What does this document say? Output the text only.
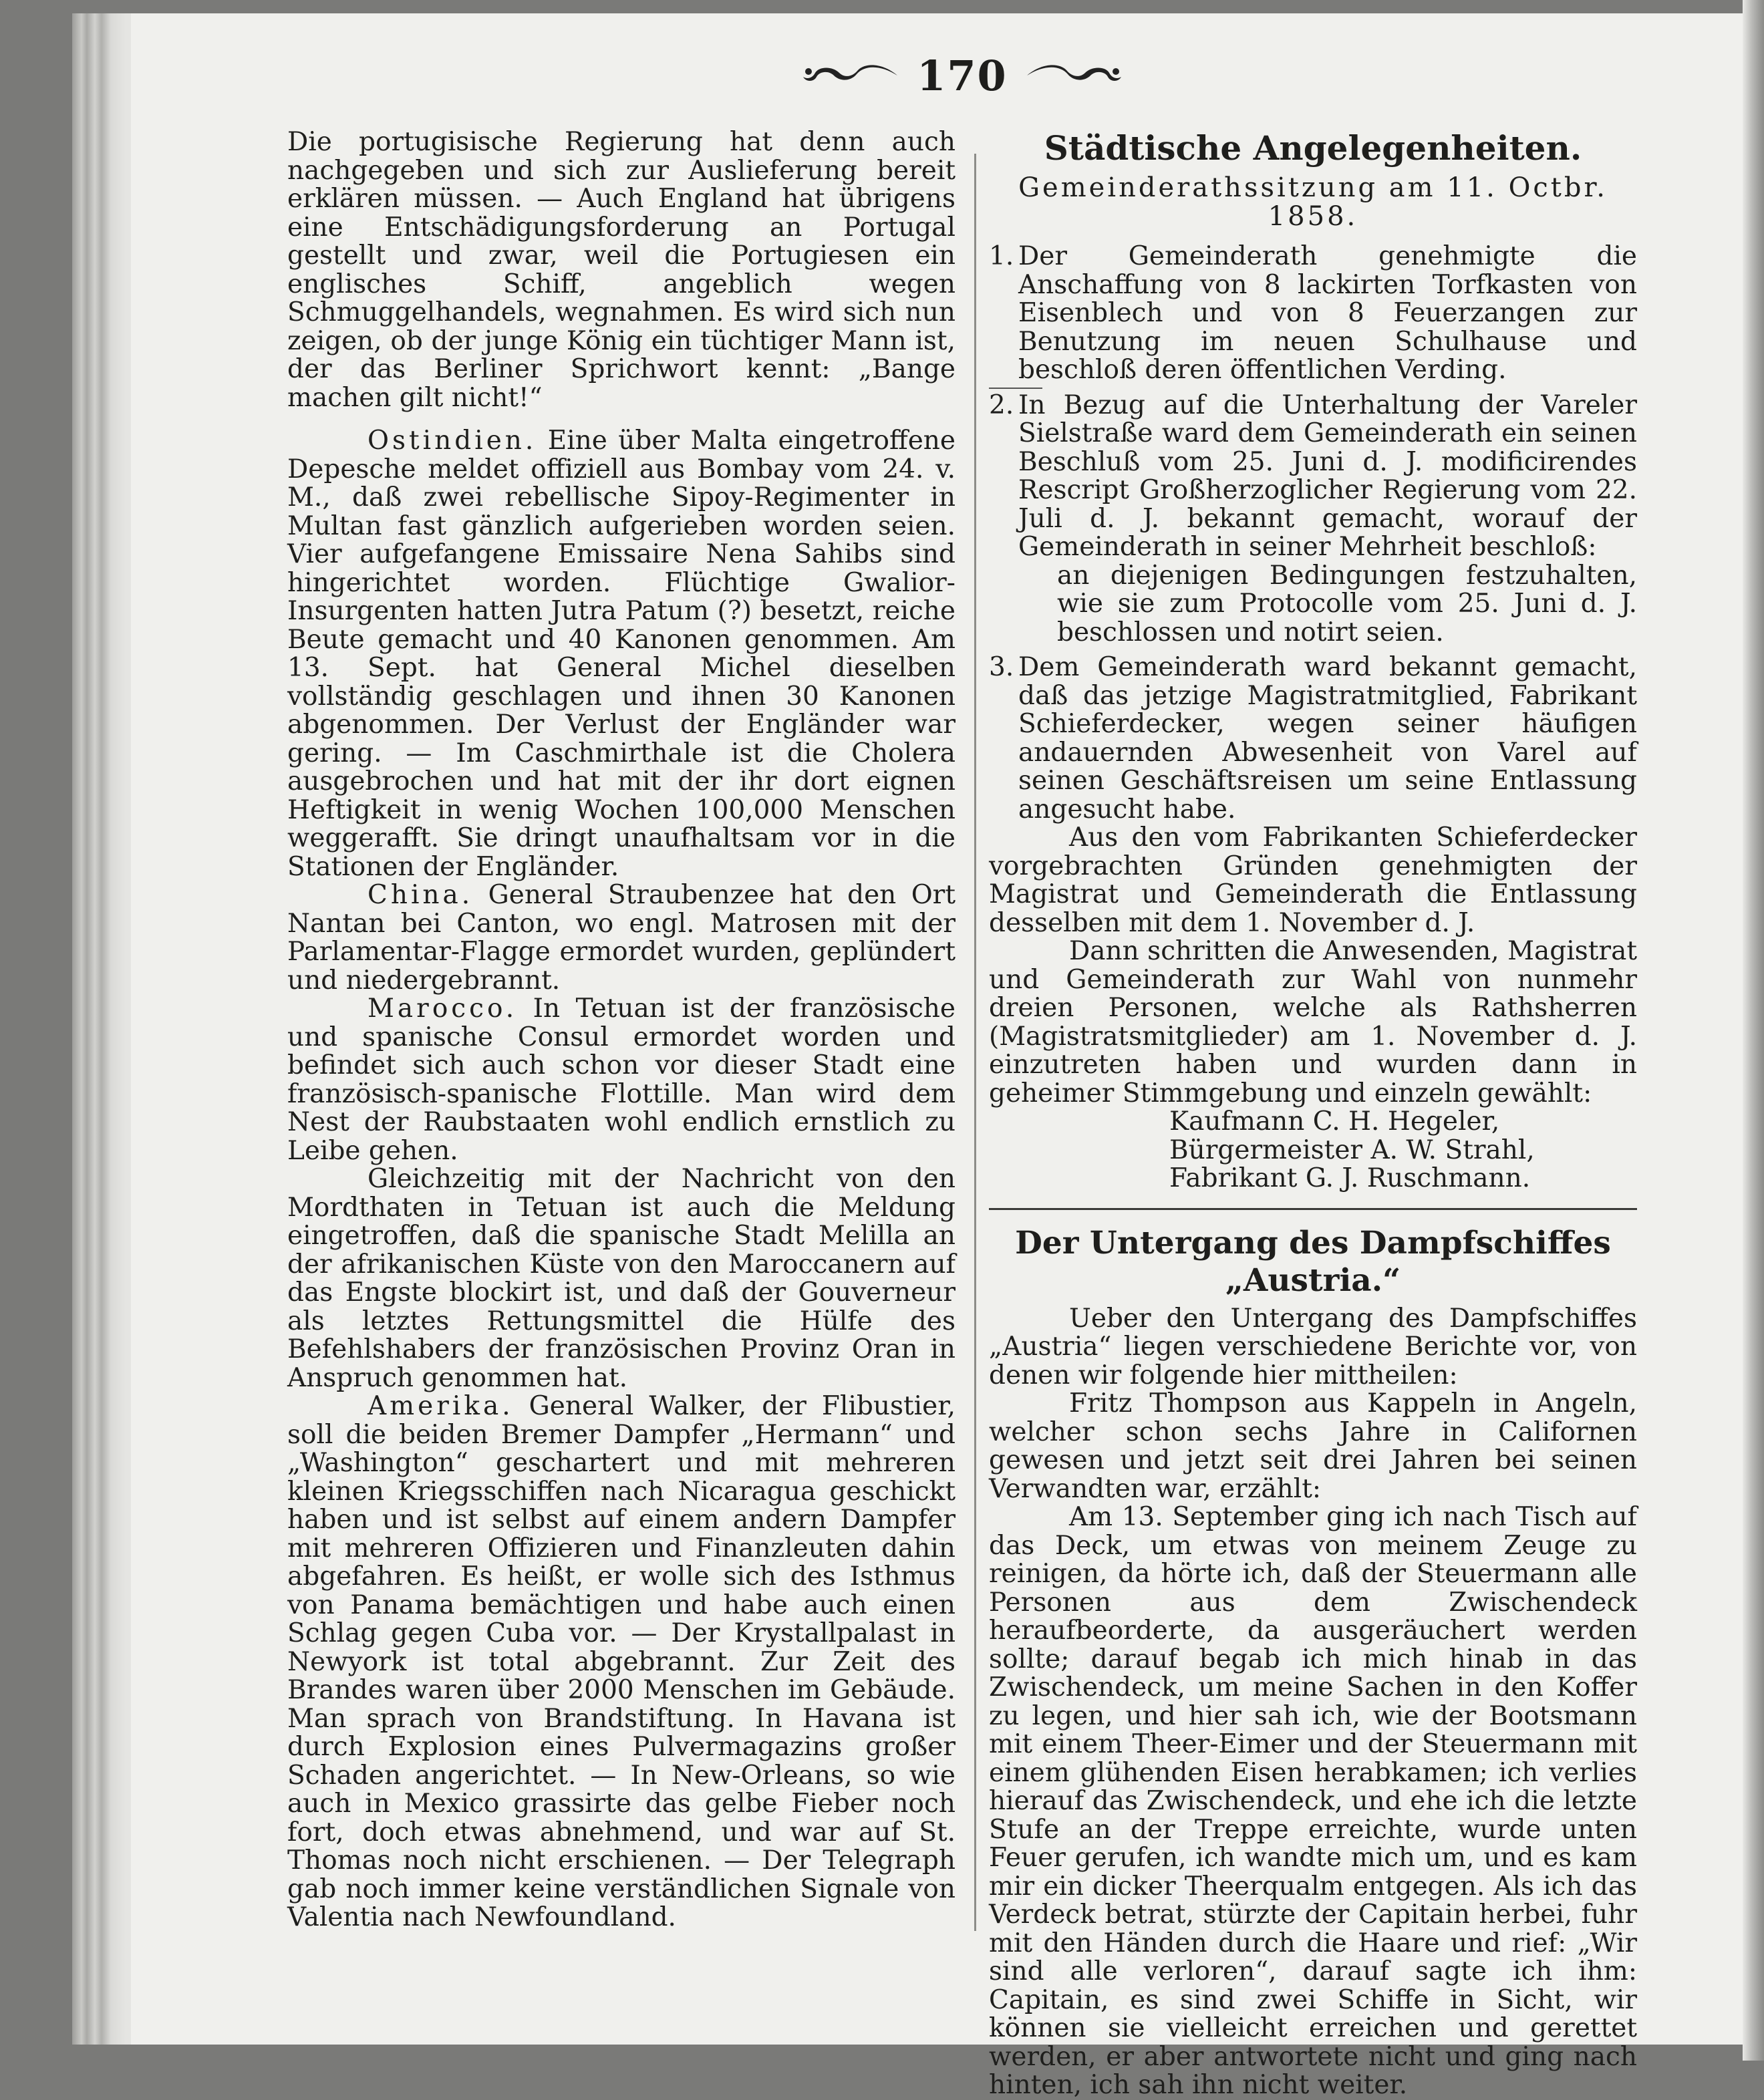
170

Die portugisische Regierung hat denn auch nachgegeben und sich zur Auslieferung bereit erklären müssen. — Auch England hat übrigens eine Entschädigungsforderung an Portugal gestellt und zwar, weil die Portugiesen ein englisches Schiff, angeblich wegen Schmuggelhandels, wegnahmen. Es wird sich nun zeigen, ob der junge König ein tüchtiger Mann ist, der das Berliner Sprichwort kennt: „Bange machen gilt nicht!“

Ostindien. Eine über Malta eingetroffene Depesche meldet offiziell aus Bombay vom 24. v. M., daß zwei rebellische Sipoy-Regimenter in Multan fast gänzlich aufgerieben worden seien. Vier aufgefangene Emissaire Nena Sahibs sind hingerichtet worden. Flüchtige Gwalior-Insurgenten hatten Jutra Patum (?) besetzt, reiche Beute gemacht und 40 Kanonen genommen. Am 13. Sept. hat General Michel dieselben vollständig geschlagen und ihnen 30 Kanonen abgenommen. Der Verlust der Engländer war gering. — Im Caschmirthale ist die Cholera ausgebrochen und hat mit der ihr dort eignen Heftigkeit in wenig Wochen 100,000 Menschen weggerafft. Sie dringt unaufhaltsam vor in die Stationen der Engländer.

China. General Straubenzee hat den Ort Nantan bei Canton, wo engl. Matrosen mit der Parlamentar-Flagge ermordet wurden, geplündert und niedergebrannt.

Marocco. In Tetuan ist der französische und spanische Consul ermordet worden und befindet sich auch schon vor dieser Stadt eine französisch-spanische Flottille. Man wird dem Nest der Raubstaaten wohl endlich ernstlich zu Leibe gehen.

Gleichzeitig mit der Nachricht von den Mordthaten in Tetuan ist auch die Meldung eingetroffen, daß die spanische Stadt Melilla an der afrikanischen Küste von den Maroccanern auf das Engste blockirt ist, und daß der Gouverneur als letztes Rettungsmittel die Hülfe des Befehlshabers der französischen Provinz Oran in Anspruch genommen hat.

Amerika. General Walker, der Flibustier, soll die beiden Bremer Dampfer „Hermann“ und „Washington“ geschartert und mit mehreren kleinen Kriegsschiffen nach Nicaragua geschickt haben und ist selbst auf einem andern Dampfer mit mehreren Offizieren und Finanzleuten dahin abgefahren. Es heißt, er wolle sich des Isthmus von Panama bemächtigen und habe auch einen Schlag gegen Cuba vor. — Der Krystallpalast in Newyork ist total abgebrannt. Zur Zeit des Brandes waren über 2000 Menschen im Gebäude. Man sprach von Brandstiftung. In Havana ist durch Explosion eines Pulvermagazins großer Schaden angerichtet. — In New-Orleans, so wie auch in Mexico grassirte das gelbe Fieber noch fort, doch etwas abnehmend, und war auf St. Thomas noch nicht erschienen. — Der Telegraph gab noch immer keine verständlichen Signale von Valentia nach Newfoundland.

Städtische Angelegenheiten.
Gemeinderathssitzung am 11. Octbr. 1858.
1. Der Gemeinderath genehmigte die Anschaffung von 8 lackirten Torfkasten von Eisenblech und von 8 Feuerzangen zur Benutzung im neuen Schulhause und beschloß deren öffentlichen Verding.

2. In Bezug auf die Unterhaltung der Vareler Sielstraße ward dem Gemeinderath ein seinen Beschluß vom 25. Juni d. J. modificirendes Rescript Großherzoglicher Regierung vom 22. Juli d. J. bekannt gemacht, worauf der Gemeinderath in seiner Mehrheit beschloß:

an diejenigen Bedingungen festzuhalten, wie sie zum Protocolle vom 25. Juni d. J. beschlossen und notirt seien.

3. Dem Gemeinderath ward bekannt gemacht, daß das jetzige Magistratmitglied, Fabrikant Schieferdecker, wegen seiner häufigen andauernden Abwesenheit von Varel auf seinen Geschäftsreisen um seine Entlassung angesucht habe.

Aus den vom Fabrikanten Schieferdecker vorgebrachten Gründen genehmigten der Magistrat und Gemeinderath die Entlassung desselben mit dem 1. November d. J.

Dann schritten die Anwesenden, Magistrat und Gemeinderath zur Wahl von nunmehr dreien Personen, welche als Rathsherren (Magistratsmitglieder) am 1. November d. J. einzutreten haben und wurden dann in geheimer Stimmgebung und einzeln gewählt:

Kaufmann C. H. Hegeler,

Bürgermeister A. W. Strahl,

Fabrikant G. J. Ruschmann.

Der Untergang des Dampfschiffes „Austria.“

Ueber den Untergang des Dampfschiffes „Austria“ liegen verschiedene Berichte vor, von denen wir folgende hier mittheilen:

Fritz Thompson aus Kappeln in Angeln, welcher schon sechs Jahre in Californen gewesen und jetzt seit drei Jahren bei seinen Verwandten war, erzählt:

Am 13. September ging ich nach Tisch auf das Deck, um etwas von meinem Zeuge zu reinigen, da hörte ich, daß der Steuermann alle Personen aus dem Zwischendeck heraufbeorderte, da ausgeräuchert werden sollte; darauf begab ich mich hinab in das Zwischendeck, um meine Sachen in den Koffer zu legen, und hier sah ich, wie der Bootsmann mit einem Theer-Eimer und der Steuermann mit einem glühenden Eisen herabkamen; ich verlies hierauf das Zwischendeck, und ehe ich die letzte Stufe an der Treppe erreichte, wurde unten Feuer gerufen, ich wandte mich um, und es kam mir ein dicker Theerqualm entgegen. Als ich das Verdeck betrat, stürzte der Capitain herbei, fuhr mit den Händen durch die Haare und rief: „Wir sind alle verloren“, darauf sagte ich ihm: Capitain, es sind zwei Schiffe in Sicht, wir können sie vielleicht erreichen und gerettet werden, er aber antwortete nicht und ging nach hinten, ich sah ihn nicht weiter.
